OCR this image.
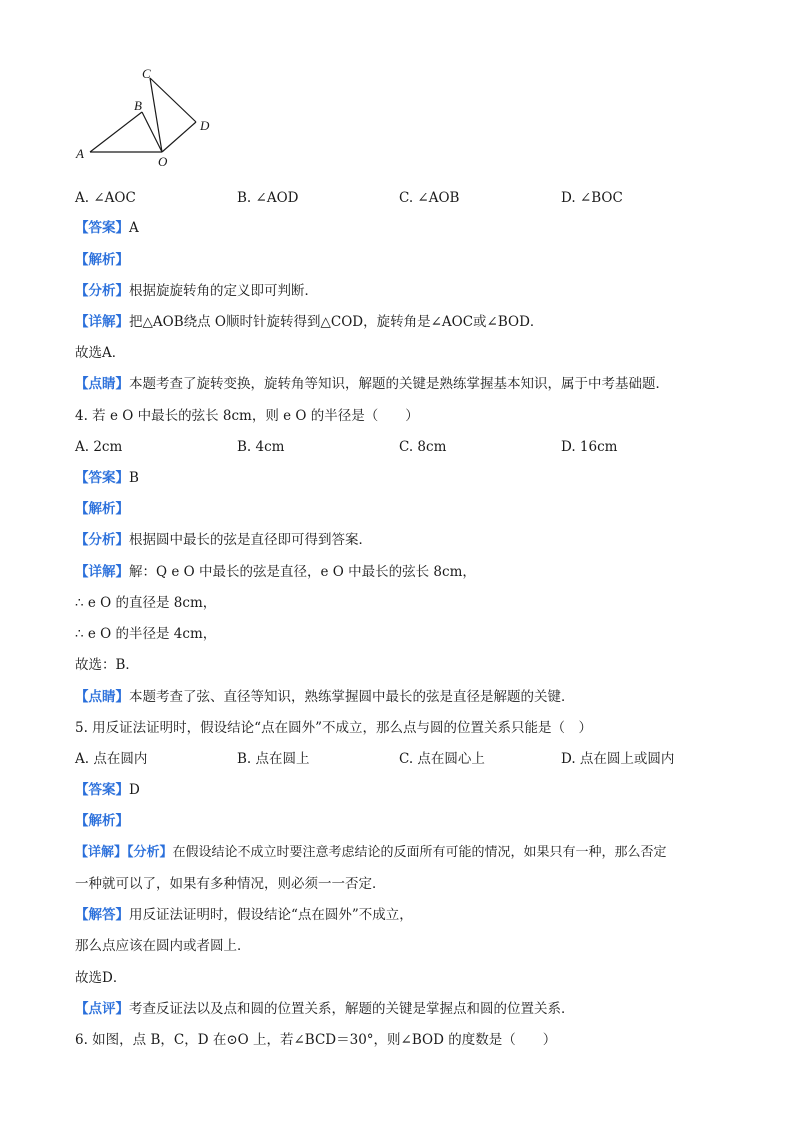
C
B
D
A
O
A. ∠AOC	B. ∠AOD	C. ∠AOB	D. ∠BOC
【答案】A
【解析】
【分析】根据旋旋转角的定义即可判断．
【详解】把△AOB绕点 O顺时针旋转得到△COD，旋转角是∠AOC或∠BOD．
故选A．
【点睛】本题考查了旋转变换，旋转角等知识，解题的关键是熟练掌握基本知识，属于中考基础题．
4. 若 e O 中最长的弦长 8cm，则 e O 的半径是（　　）
A. 2cm	B. 4cm	C. 8cm	D. 16cm
【答案】B
【解析】
【分析】根据圆中最长的弦是直径即可得到答案．
【详解】解：Q e O 中最长的弦是直径，e O 中最长的弦长 8cm，
∴ e O 的直径是 8cm，
∴ e O 的半径是 4cm，
故选：B．
【点睛】本题考查了弦、直径等知识，熟练掌握圆中最长的弦是直径是解题的关键．
5. 用反证法证明时，假设结论“点在圆外”不成立，那么点与圆的位置关系只能是（　）
A. 点在圆内	B. 点在圆上	C. 点在圆心上	D. 点在圆上或圆内
【答案】D
【解析】
【详解】【分析】在假设结论不成立时要注意考虑结论的反面所有可能的情况，如果只有一种，那么否定
一种就可以了，如果有多种情况，则必须一一否定．
【解答】用反证法证明时，假设结论“点在圆外”不成立，
那么点应该在圆内或者圆上．
故选D．
【点评】考查反证法以及点和圆的位置关系，解题的关键是掌握点和圆的位置关系．
6. 如图，点 B，C，D 在⊙O 上，若∠BCD＝30°，则∠BOD 的度数是（　　）
